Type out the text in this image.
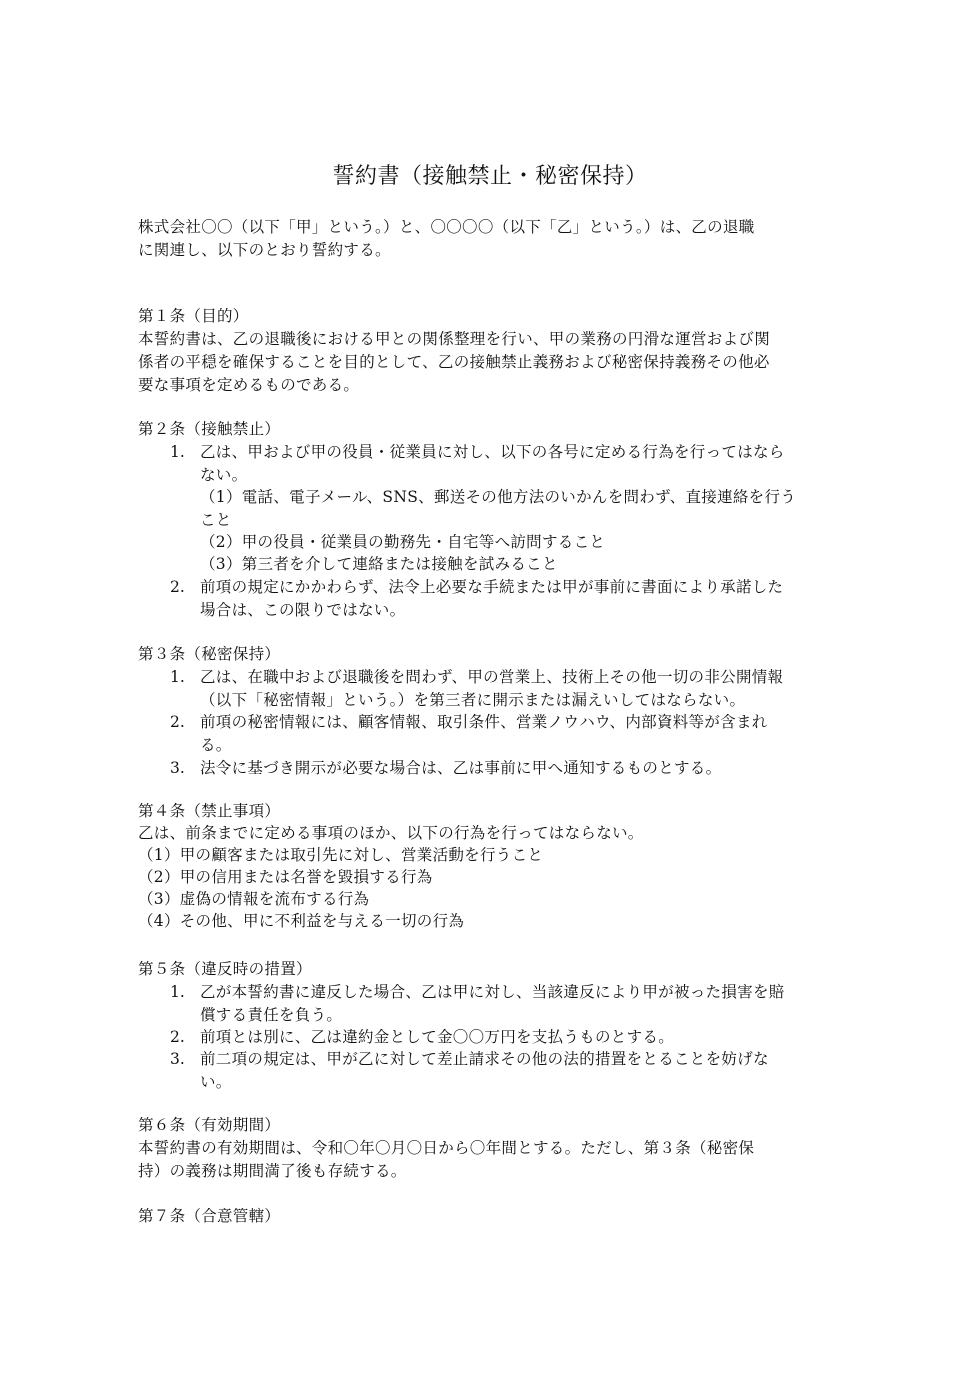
誓約書（接触禁止・秘密保持）
株式会社〇〇（以下「甲」という。）と、〇〇〇〇（以下「乙」という。）は、乙の退職
に関連し、以下のとおり誓約する。
第１条（目的）
本誓約書は、乙の退職後における甲との関係整理を行い、甲の業務の円滑な運営および関
係者の平穏を確保することを目的として、乙の接触禁止義務および秘密保持義務その他必
要な事項を定めるものである。
第２条（接触禁止）
1. 乙は、甲および甲の役員・従業員に対し、以下の各号に定める行為を行ってはなら
ない。
（1）電話、電子メール、SNS、郵送その他方法のいかんを問わず、直接連絡を行う
こと
（2）甲の役員・従業員の勤務先・自宅等へ訪問すること
（3）第三者を介して連絡または接触を試みること
2. 前項の規定にかかわらず、法令上必要な手続または甲が事前に書面により承諾した
場合は、この限りではない。
第３条（秘密保持）
1. 乙は、在職中および退職後を問わず、甲の営業上、技術上その他一切の非公開情報
（以下「秘密情報」という。）を第三者に開示または漏えいしてはならない。
2. 前項の秘密情報には、顧客情報、取引条件、営業ノウハウ、内部資料等が含まれ
る。
3. 法令に基づき開示が必要な場合は、乙は事前に甲へ通知するものとする。
第４条（禁止事項）
乙は、前条までに定める事項のほか、以下の行為を行ってはならない。
（1）甲の顧客または取引先に対し、営業活動を行うこと
（2）甲の信用または名誉を毀損する行為
（3）虚偽の情報を流布する行為
（4）その他、甲に不利益を与える一切の行為
第５条（違反時の措置）
1. 乙が本誓約書に違反した場合、乙は甲に対し、当該違反により甲が被った損害を賠
償する責任を負う。
2. 前項とは別に、乙は違約金として金〇〇万円を支払うものとする。
3. 前二項の規定は、甲が乙に対して差止請求その他の法的措置をとることを妨げな
い。
第６条（有効期間）
本誓約書の有効期間は、令和〇年〇月〇日から〇年間とする。ただし、第３条（秘密保
持）の義務は期間満了後も存続する。
第７条（合意管轄）
